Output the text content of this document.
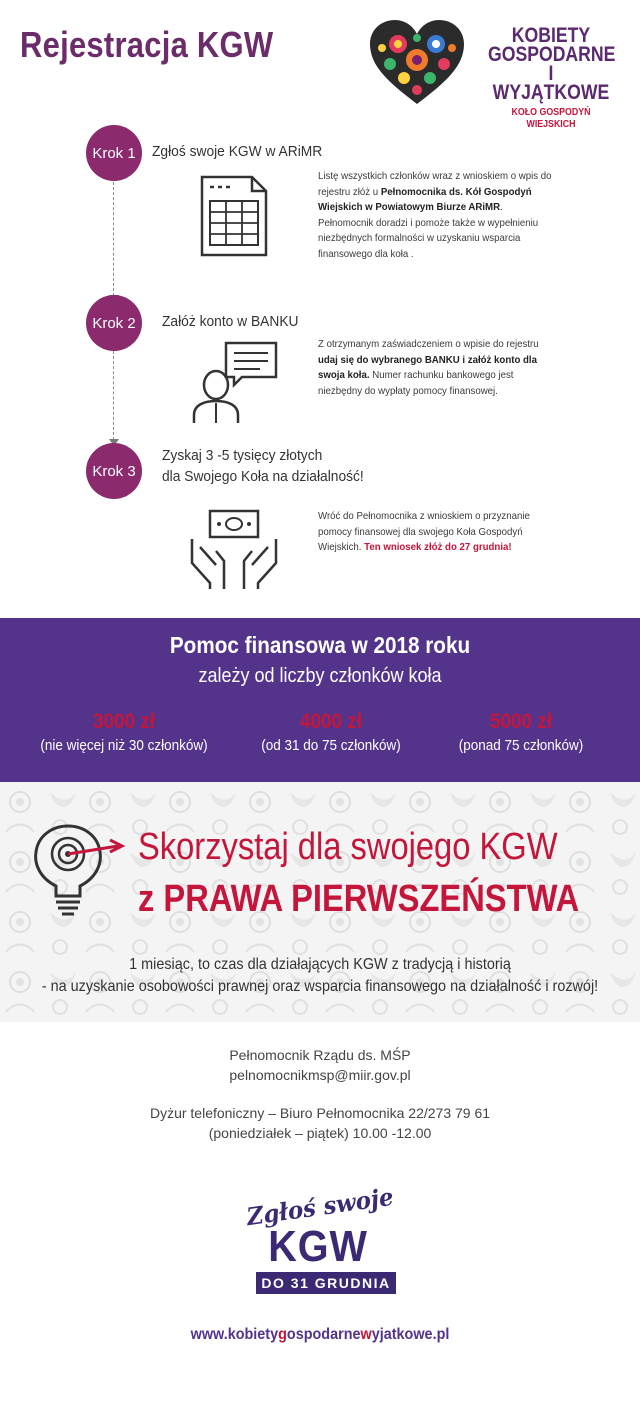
Rejestracja KGW	KOBIETY
GOSPODARNE
I WYJĄTKOWE
KOŁO GOSPODYŃ WIEJSKICH
Krok 1	Zgłoś swoje KGW w ARiMR
Listę wszystkich członków wraz z wnioskiem o wpis do rejestru złóż u Pełnomocnika ds. Kół Gospodyń Wiejskich w Powiatowym Biurze ARiMR. Pełnomocnik doradzi i pomoże także w wypełnieniu niezbędnych formalności w uzyskaniu wsparcia finansowego dla koła .
Krok 2	Załóż konto w BANKU
Z otrzymanym zaświadczeniem o wpisie do rejestru udaj się do wybranego BANKU i załóż konto dla swoja koła. Numer rachunku bankowego jest niezbędny do wypłaty pomocy finansowej.
Krok 3
Zyskaj 3 -5 tysięcy złotych
dla Swojego Koła na działalność!
Wróć do Pełnomocnika z wnioskiem o przyznanie pomocy finansowej dla swojego Koła Gospodyń Wiejskich. Ten wniosek złóż do 27 grudnia!
Pomoc finansowa w 2018 roku
zależy od liczby członków koła
3000 zł
(nie więcej niż 30 członków)
4000 zł
(od 31 do 75 członków)
5000 zł
(ponad 75 członków)
Skorzystaj dla swojego KGW
z PRAWA PIERWSZEŃSTWA
1 miesiąc, to czas dla działających KGW z tradycją i historią
- na uzyskanie osobowości prawnej oraz wsparcia finansowego na działalność i rozwój!
Pełnomocnik Rządu ds. MŚP
pelnomocnikmsp@miir.gov.pl
Dyżur telefoniczny – Biuro Pełnomocnika 22/273 79 61
(poniedziałek – piątek) 10.00 -12.00
Zgłoś swoje
KGW
DO 31 GRUDNIA
www.kobietygospodarnewyjatkowe.pl
